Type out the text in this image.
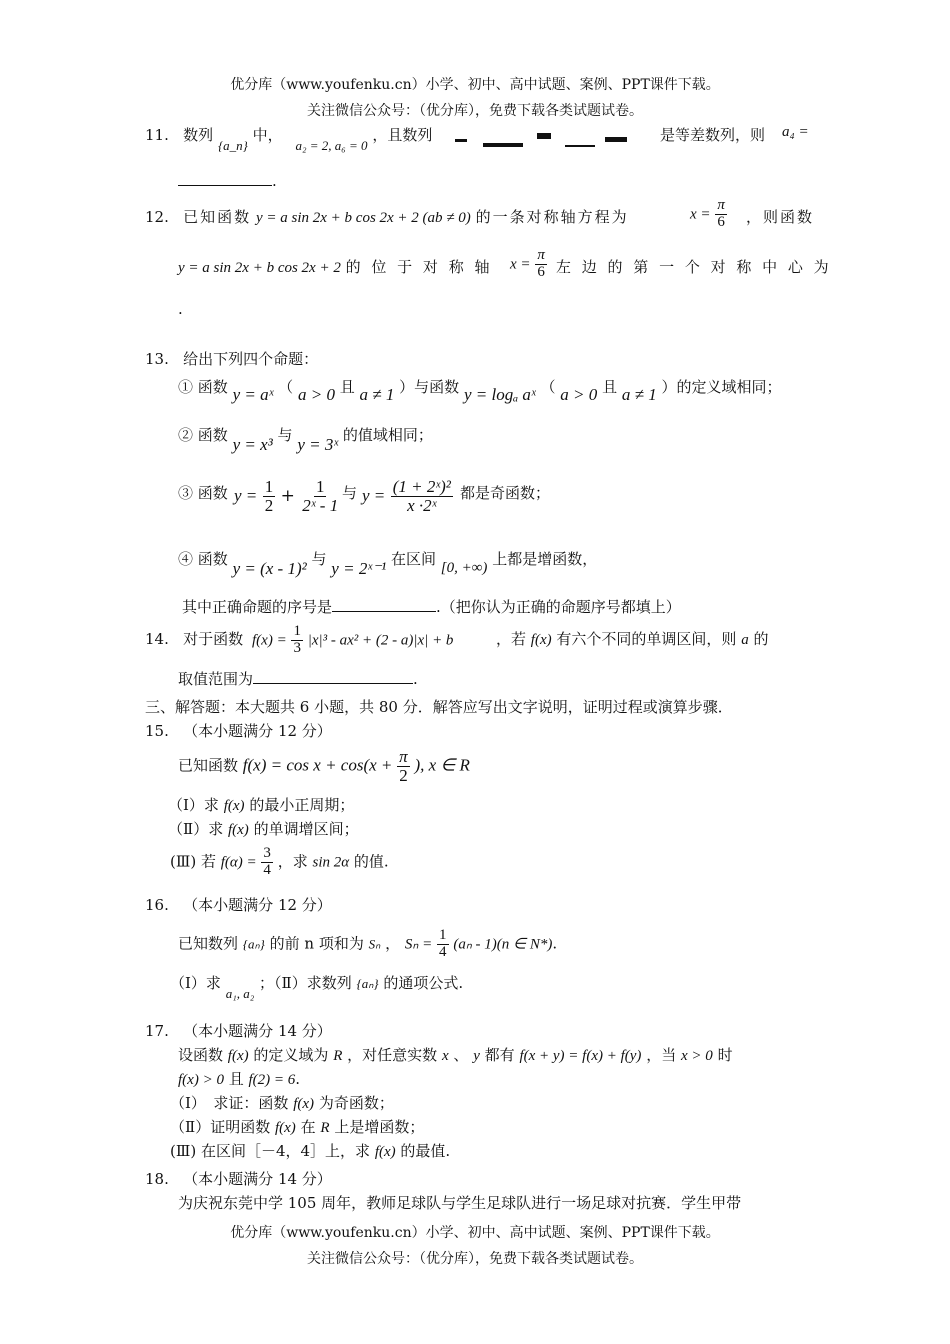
优分库（www.youfenku.cn）小学、初中、高中试题、案例、PPT课件下载。
关注微信公众号：（优分库），免费下载各类试题试卷。
11. 数列 {a_n} 中， a₂ = 2, a₆ = 0 ，且数列	是等差数列，则 a₄ =
.
12. 已知函数 y = a sin 2x + b cos 2x + 2 (ab ≠ 0) 的一条对称轴方程为	$x = \frac{\pi}{6}$ ，则函数
y = a sin 2x + b cos 2x + 2 的 位 于 对 称 轴 $x = \frac{\pi}{6}$ 左 边 的 第 一 个 对 称 中 心 为
.
13. 给出下列四个命题：
① 函数 y = aˣ （ a > 0 且 a ≠ 1 ）与函数 y = logₐ aˣ （ a > 0 且 a ≠ 1 ）的定义域相同；
② 函数 y = x³ 与 y = 3ˣ 的值域相同；
③ 函数 $y = \frac{1}{2} + \frac{1}{\text{2ˣ - 1}}$ 与 $y = \frac{\text{(1 + 2ˣ)²}}{\text{x ·2ˣ}}$ 都是奇函数；
④ 函数 y = (x - 1)² 与 y = 2ˣ⁻¹ 在区间 [0, +∞) 上都是增函数，
其中正确命题的序号是	.（把你认为正确的命题序号都填上）
14. 对于函数 $f(x) = \frac{1}{3} |x|^3 - ax^2 + (2 - a)|x| + b$	，若 f(x) 有六个不同的单调区间，则 a 的
取值范围为	.
三、解答题：本大题共 6 小题，共 80 分．解答应写出文字说明，证明过程或演算步骤．
15. （本小题满分 12 分）
已知函数 $f(x) = \cos x + \cos(x + \frac{\pi}{2}$ ), x ∈ R
（Ⅰ）求 f(x) 的最小正周期；
（Ⅱ）求 f(x) 的单调增区间；
(Ⅲ) 若 $f(\alpha) = \frac{3}{4}$ ，求 sin 2α 的值.
16. （本小题满分 12 分）
已知数列 {aₙ} 的前 n 项和为 Sₙ ， $S_n = \frac{1}{4} (a_n - 1)(n$ ∈ N*).
（Ⅰ）求 a₁, a₂ ；（Ⅱ）求数列 {aₙ} 的通项公式.
17. （本小题满分 14 分）
设函数 f(x) 的定义域为 R ，对任意实数 x 、 y 都有 f(x + y) = f(x) + f(y) ，当 x > 0 时
f(x) > 0 且 f(2) = 6.
（Ⅰ）　求证：函数 f(x) 为奇函数；
（Ⅱ）证明函数 f(x) 在 R 上是增函数；
(Ⅲ) 在区间［－4，4］上，求 f(x) 的最值.
18. （本小题满分 14 分）
为庆祝东莞中学 105 周年，教师足球队与学生足球队进行一场足球对抗赛．学生甲带
优分库（www.youfenku.cn）小学、初中、高中试题、案例、PPT课件下载。
关注微信公众号：（优分库），免费下载各类试题试卷。
